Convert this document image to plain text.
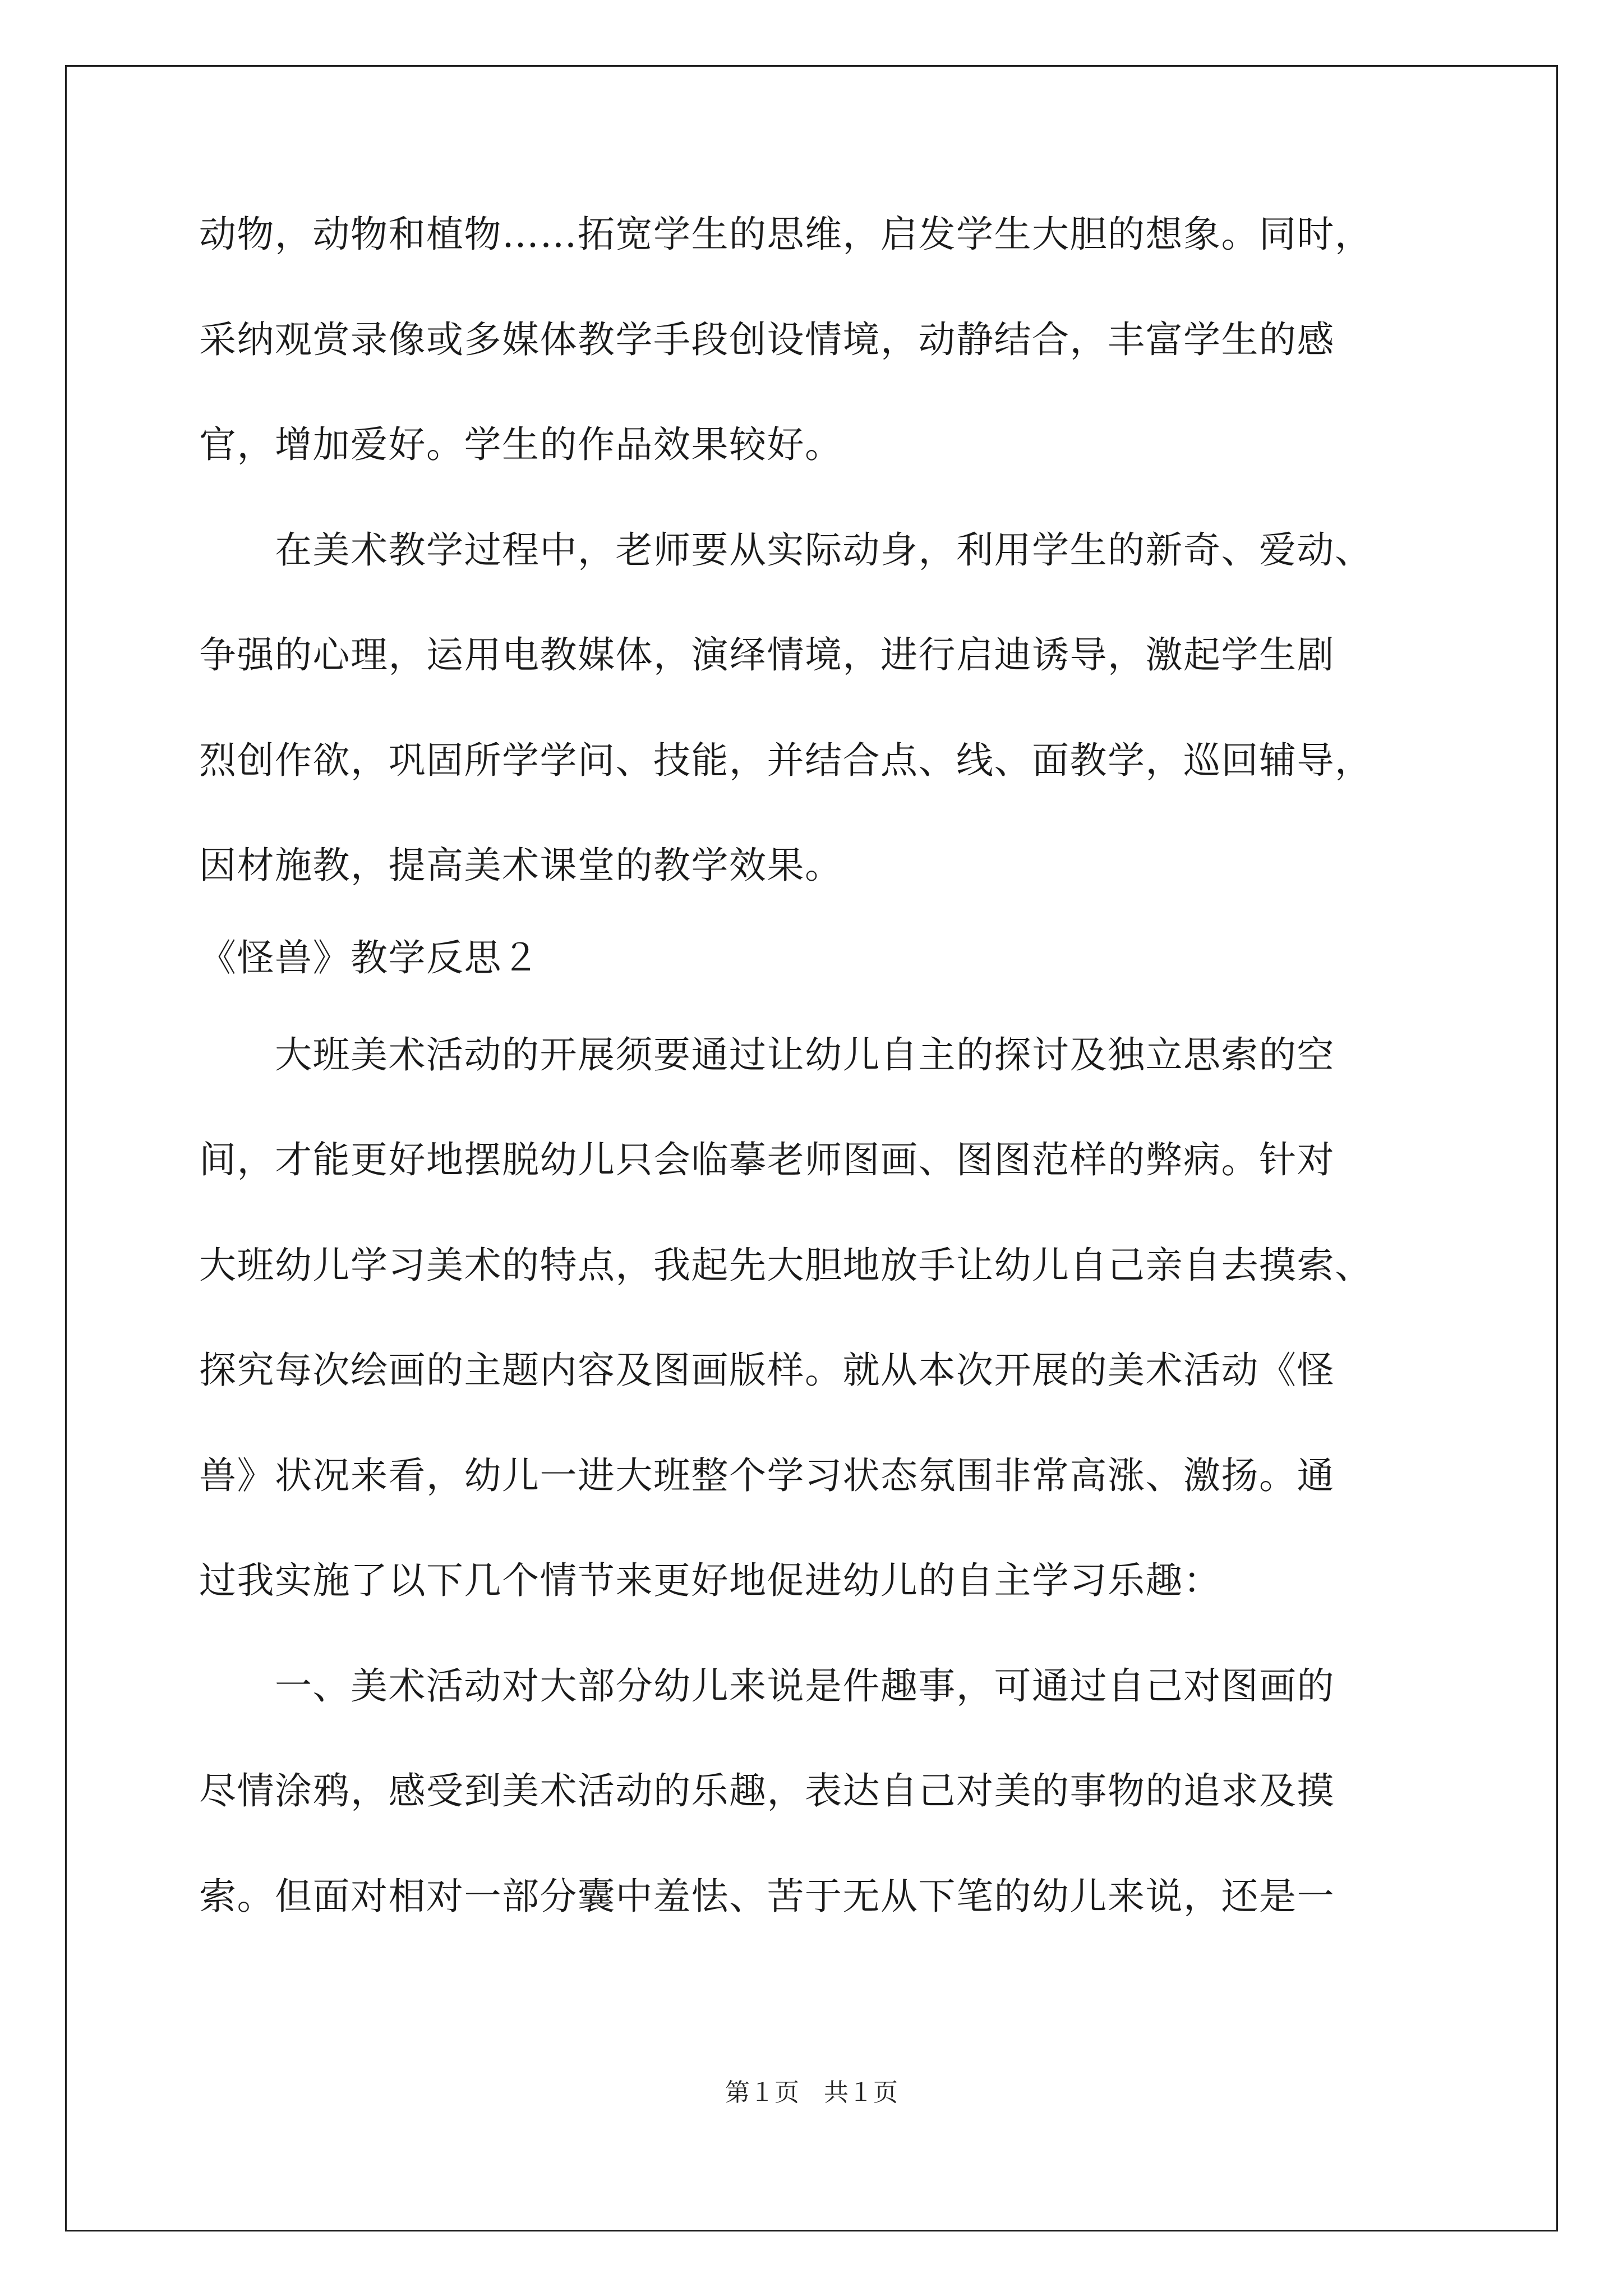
动物，动物和植物……拓宽学生的思维，启发学生大胆的想象。同时，
采纳观赏录像或多媒体教学手段创设情境，动静结合，丰富学生的感
官，增加爱好。学生的作品效果较好。
　　在美术教学过程中，老师要从实际动身，利用学生的新奇、爱动、
争强的心理，运用电教媒体，演绎情境，进行启迪诱导，激起学生剧
烈创作欲，巩固所学学问、技能，并结合点、线、面教学，巡回辅导，
因材施教，提高美术课堂的教学效果。
《怪兽》教学反思２
　　大班美术活动的开展须要通过让幼儿自主的探讨及独立思索的空
间，才能更好地摆脱幼儿只会临摹老师图画、图图范样的弊病。针对
大班幼儿学习美术的特点，我起先大胆地放手让幼儿自己亲自去摸索、
探究每次绘画的主题内容及图画版样。就从本次开展的美术活动《怪
兽》状况来看，幼儿一进大班整个学习状态氛围非常高涨、激扬。通
过我实施了以下几个情节来更好地促进幼儿的自主学习乐趣：
　　一、美术活动对大部分幼儿来说是件趣事，可通过自己对图画的
尽情涂鸦，感受到美术活动的乐趣，表达自己对美的事物的追求及摸
索。但面对相对一部分囊中羞怯、苦于无从下笔的幼儿来说，还是一
第１页　共１页
